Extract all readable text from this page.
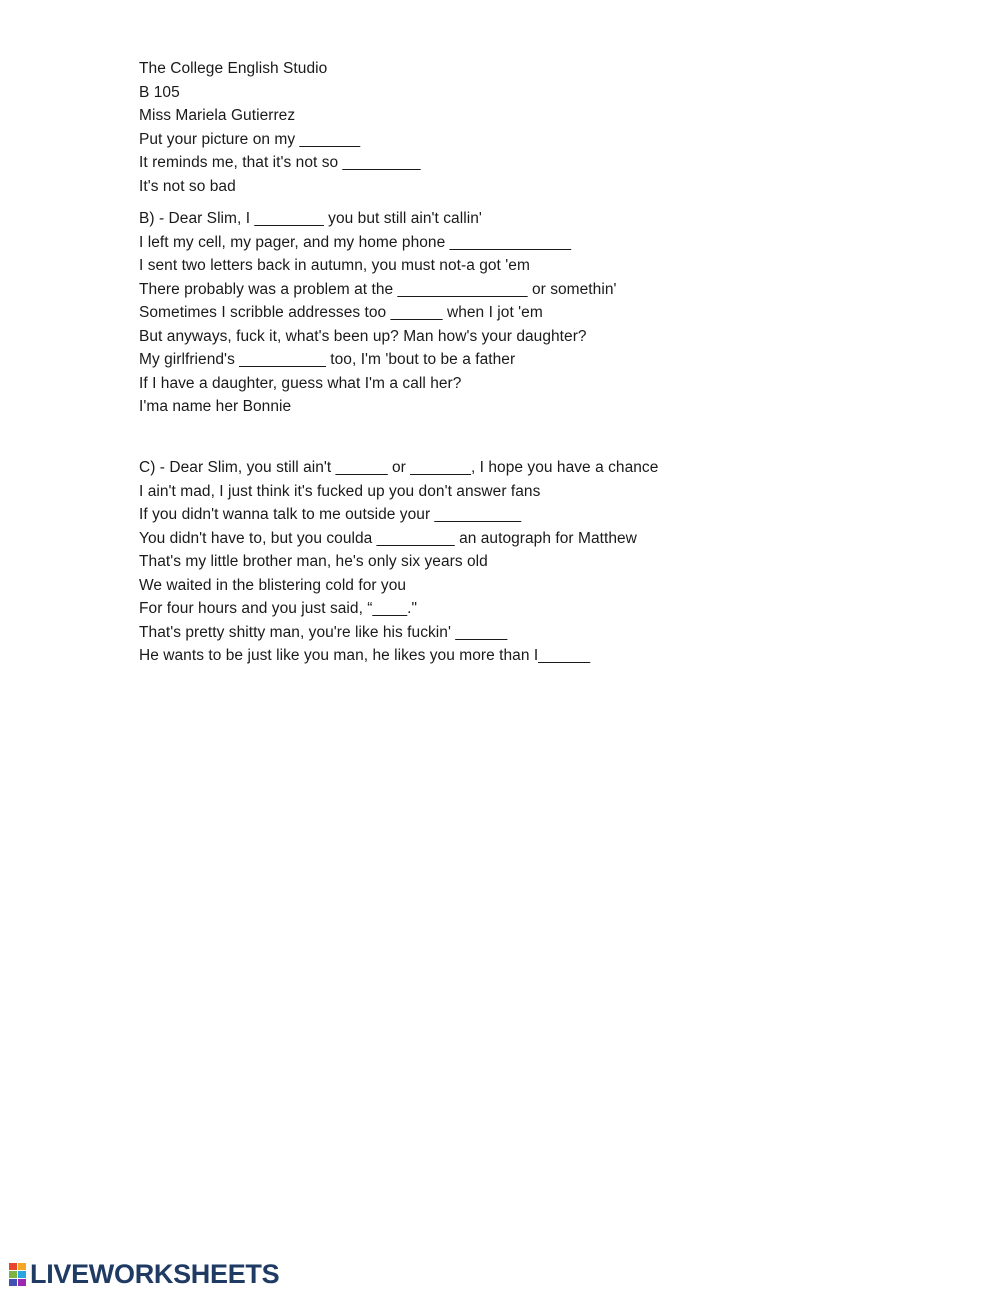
The College English Studio
B 105
Miss Mariela Gutierrez
Put your picture on my _______
It reminds me, that it's not so _________
It's not so bad
B) - Dear Slim, I ________ you but still ain't callin'
I left my cell, my pager, and my home phone ______________
I sent two letters back in autumn, you must not-a got 'em
There probably was a problem at the _______________ or somethin'
Sometimes I scribble addresses too ______ when I jot 'em
But anyways, fuck it, what's been up? Man how's your daughter?
My girlfriend's __________ too, I'm 'bout to be a father
If I have a daughter, guess what I'm a call her?
I'ma name her Bonnie
C) - Dear Slim, you still ain't ______ or _______, I hope you have a chance
I ain't mad, I just think it's fucked up you don't answer fans
If you didn't wanna talk to me outside your __________
You didn't have to, but you coulda _________ an autograph for Matthew
That's my little brother man, he's only six years old
We waited in the blistering cold for you
For four hours and you just said, “____."
That's pretty shitty man, you're like his fuckin' ______
He wants to be just like you man, he likes you more than I______
LIVEWORKSHEETS
